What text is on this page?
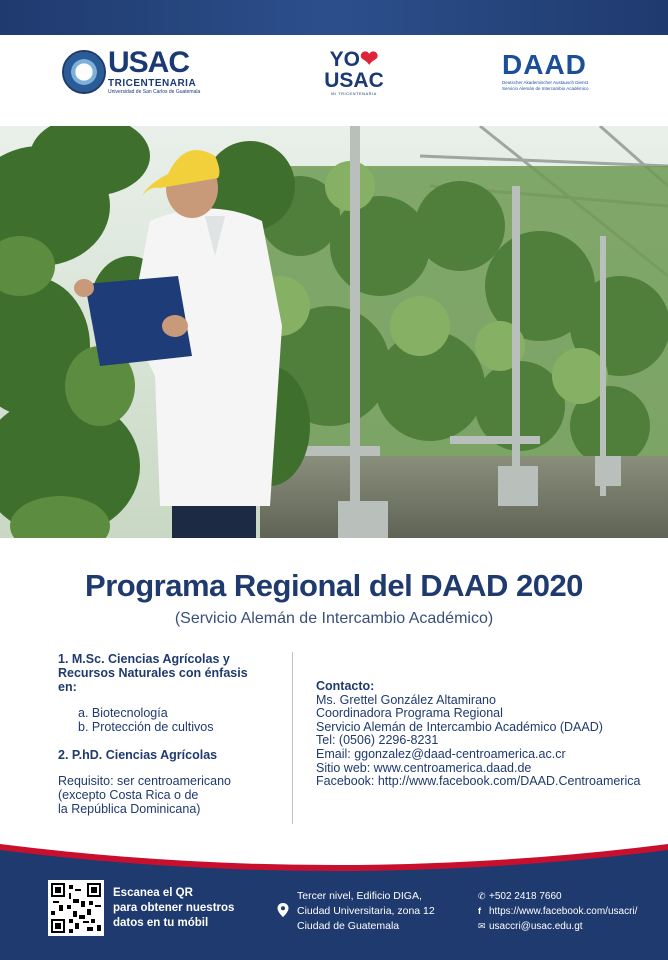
USAC
TRICENTENARIA
Universidad de San Carlos de Guatemala
YO❤
USAC
MI TRICENTENARIA
DAAD
Deutscher Akademischer Austausch Dienst
Servicio Alemán de Intercambio Académico
Programa Regional del DAAD 2020
(Servicio Alemán de Intercambio Académico)
1. M.Sc. Ciencias Agrícolas y
Recursos Naturales con énfasis
en:
a. Biotecnología
b. Protección de cultivos
2. P.hD. Ciencias Agrícolas
Requisito: ser centroamericano
(excepto Costa Rica o de
la República Dominicana)
Contacto:
Ms. Grettel González Altamirano
Coordinadora Programa Regional
Servicio Alemán de Intercambio Académico (DAAD)
Tel: (0506) 2296-8231
Email: ggonzalez@daad-centroamerica.ac.cr
Sitio web: www.centroamerica.daad.de
Facebook: http://www.facebook.com/DAAD.Centroamerica
Escanea el QR
para obtener nuestros
datos en tu móbil
Tercer nivel, Edificio DIGA,
Ciudad Universitaria, zona 12
Ciudad de Guatemala
✆ +502 2418 7660
f https://www.facebook.com/usacri/
✉ usaccri@usac.edu.gt
